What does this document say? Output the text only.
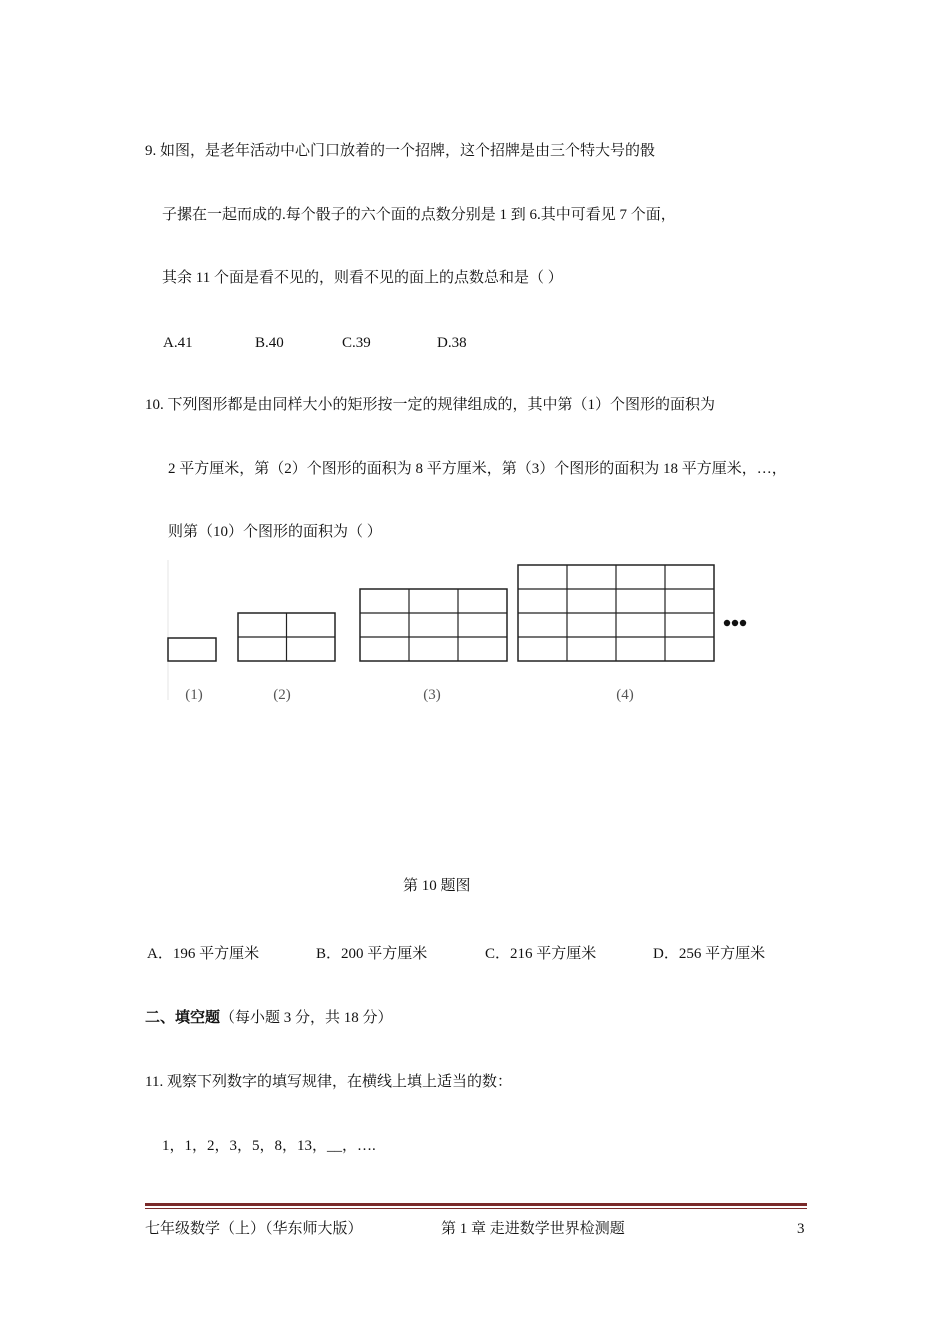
9. 如图，是老年活动中心门口放着的一个招牌，这个招牌是由三个特大号的骰
子摞在一起而成的.每个骰子的六个面的点数分别是 1 到 6.其中可看见 7 个面，
其余 11 个面是看不见的，则看不见的面上的点数总和是（ ）
A.41	B.40	C.39	D.38
10. 下列图形都是由同样大小的矩形按一定的规律组成的，其中第（1）个图形的面积为
2 平方厘米，第（2）个图形的面积为 8 平方厘米，第（3）个图形的面积为 18 平方厘米，…，
则第（10）个图形的面积为（ ）
(1)	(2)	(3)	(4)
第 10 题图
A．196 平方厘米	B．200 平方厘米	C．216 平方厘米	D．256 平方厘米
二、填空题（每小题 3 分，共 18 分）
11. 观察下列数字的填写规律，在横线上填上适当的数：
1，1，2，3，5，8，13，__，….
七年级数学（上）（华东师大版）	第 1 章 走进数学世界检测题	3
